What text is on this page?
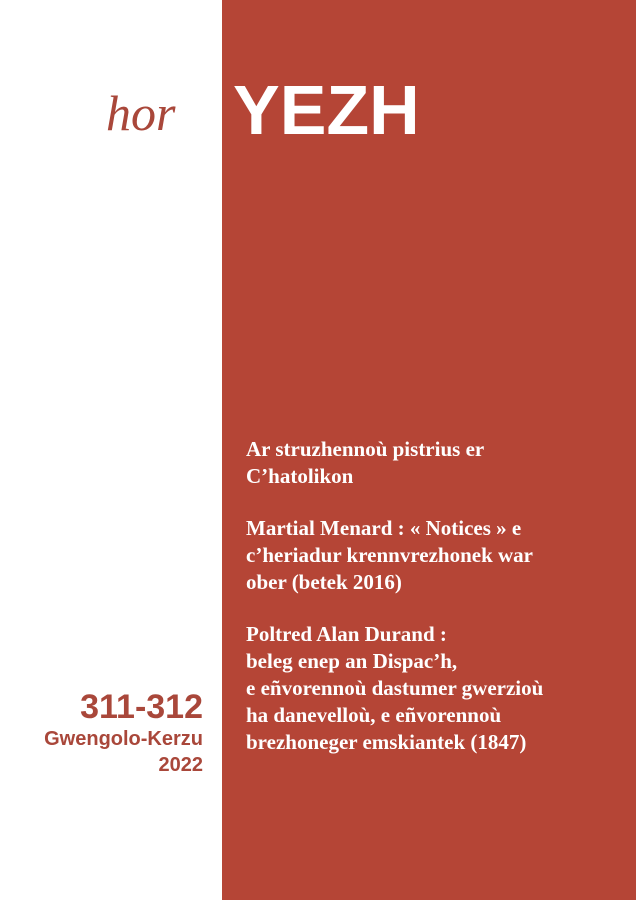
hor YEZH
Ar struzhennoù pistrius er
C’hatolikon
Martial Menard : « Notices » e
c’heriadur krennvrezhonek war
ober (betek 2016)
Poltred Alan Durand :
beleg enep an Dispac’h,
e eñvorennoù dastumer gwerzioù
ha danevelloù, e eñvorennoù
brezhoneger emskiantek (1847)
311-312
Gwengolo-Kerzu
2022
